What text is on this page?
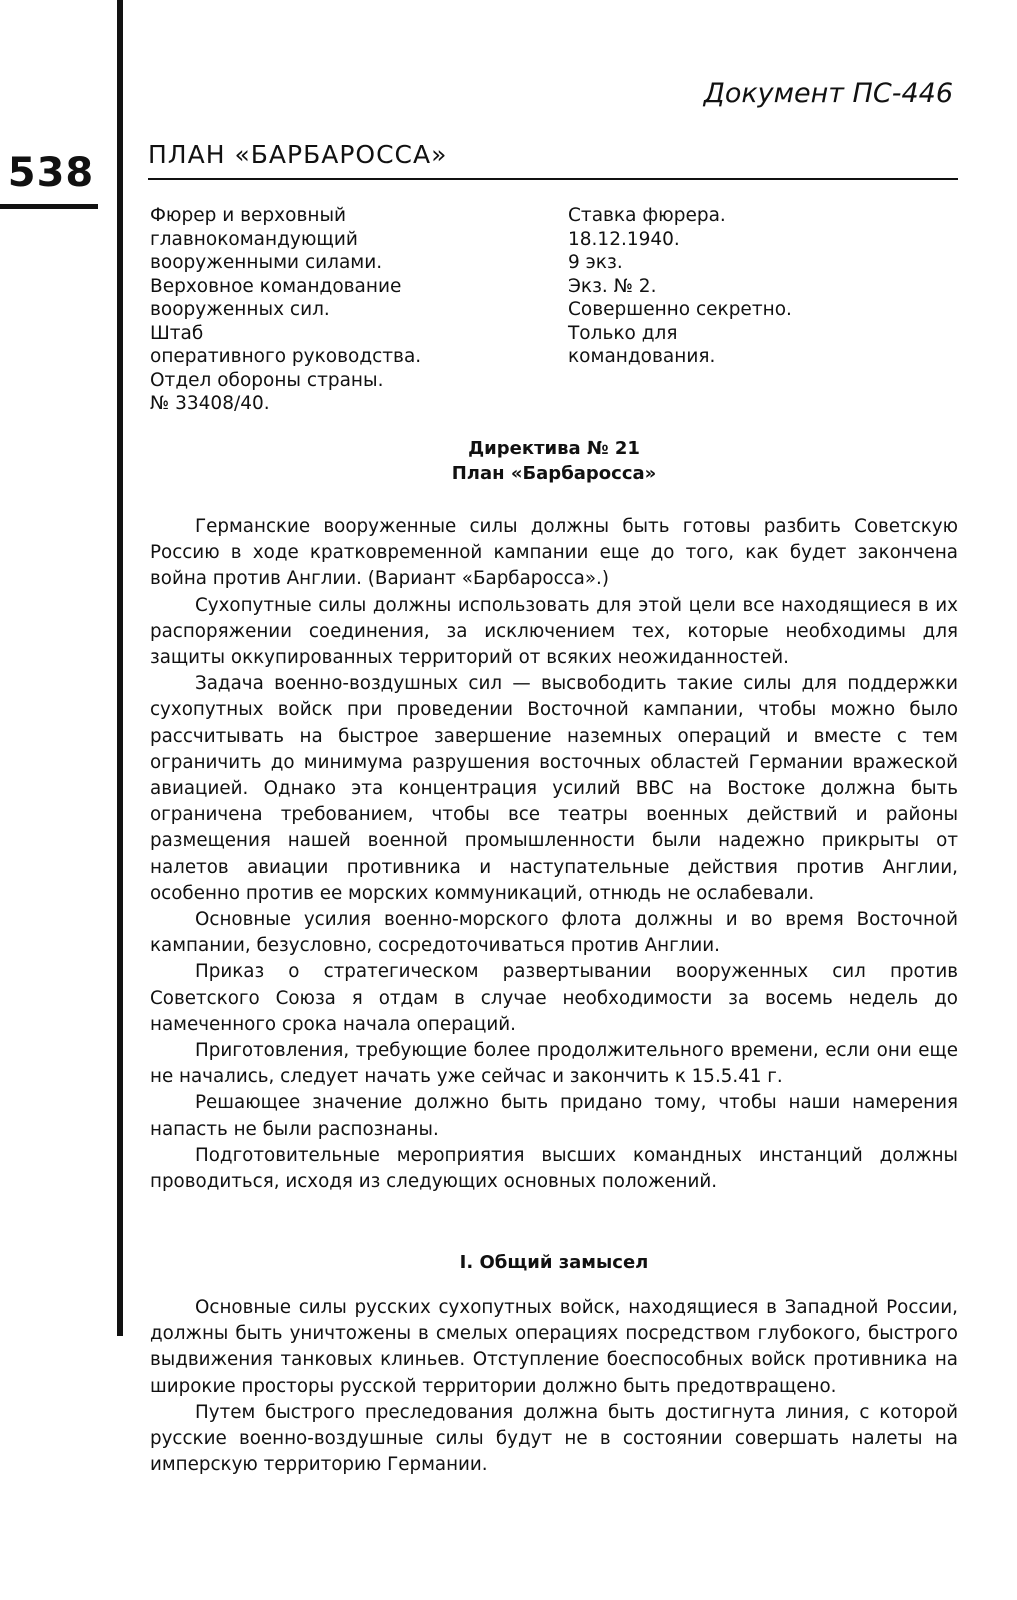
538
Документ ПС-446
ПЛАН «БАРБАРОССА»
Фюрер и верховный
главнокомандующий
вооруженными силами.
Верховное командование
вооруженных сил.
Штаб
оперативного руководства.
Отдел обороны страны.
№ 33408/40.
Ставка фюрера.
18.12.1940.
9 экз.
Экз. № 2.
Совершенно секретно.
Только для
командования.
Директива № 21
План «Барбаросса»

Германские вооруженные силы должны быть готовы разбить Советскую Россию в ходе кратковременной кампании еще до того, как будет закончена война против Англии. (Вариант «Барбаросса».)

Сухопутные силы должны использовать для этой цели все находящиеся в их распоряжении соединения, за исключением тех, которые необходимы для защиты оккупированных территорий от всяких неожиданностей.

Задача военно-воздушных сил — высвободить такие силы для поддержки сухопутных войск при проведении Восточной кампании, чтобы можно было рассчитывать на быстрое завершение наземных операций и вместе с тем ограничить до минимума разрушения восточных областей Германии вражеской авиацией. Однако эта концентрация усилий ВВС на Востоке должна быть ограничена требованием, чтобы все театры военных действий и районы размещения нашей военной промышленности были надежно прикрыты от налетов авиации противника и наступательные действия против Англии, особенно против ее морских коммуникаций, отнюдь не ослабевали.

Основные усилия военно-морского флота должны и во время Восточной кампании, безусловно, сосредоточиваться против Англии.

Приказ о стратегическом развертывании вооруженных сил против Советского Союза я отдам в случае необходимости за восемь недель до намеченного срока начала операций.

Приготовления, требующие более продолжительного времени, если они еще не начались, следует начать уже сейчас и закончить к 15.5.41 г.

Решающее значение должно быть придано тому, чтобы наши намерения напасть не были распознаны.

Подготовительные мероприятия высших командных инстанций должны проводиться, исходя из следующих основных положений.

I. Общий замысел

Основные силы русских сухопутных войск, находящиеся в Западной России, должны быть уничтожены в смелых операциях посредством глубокого, быстрого выдвижения танковых клиньев. Отступление боеспособных войск противника на широкие просторы русской территории должно быть предотвращено.

Путем быстрого преследования должна быть достигнута линия, с которой русские военно-воздушные силы будут не в состоянии совершать налеты на имперскую территорию Германии.
